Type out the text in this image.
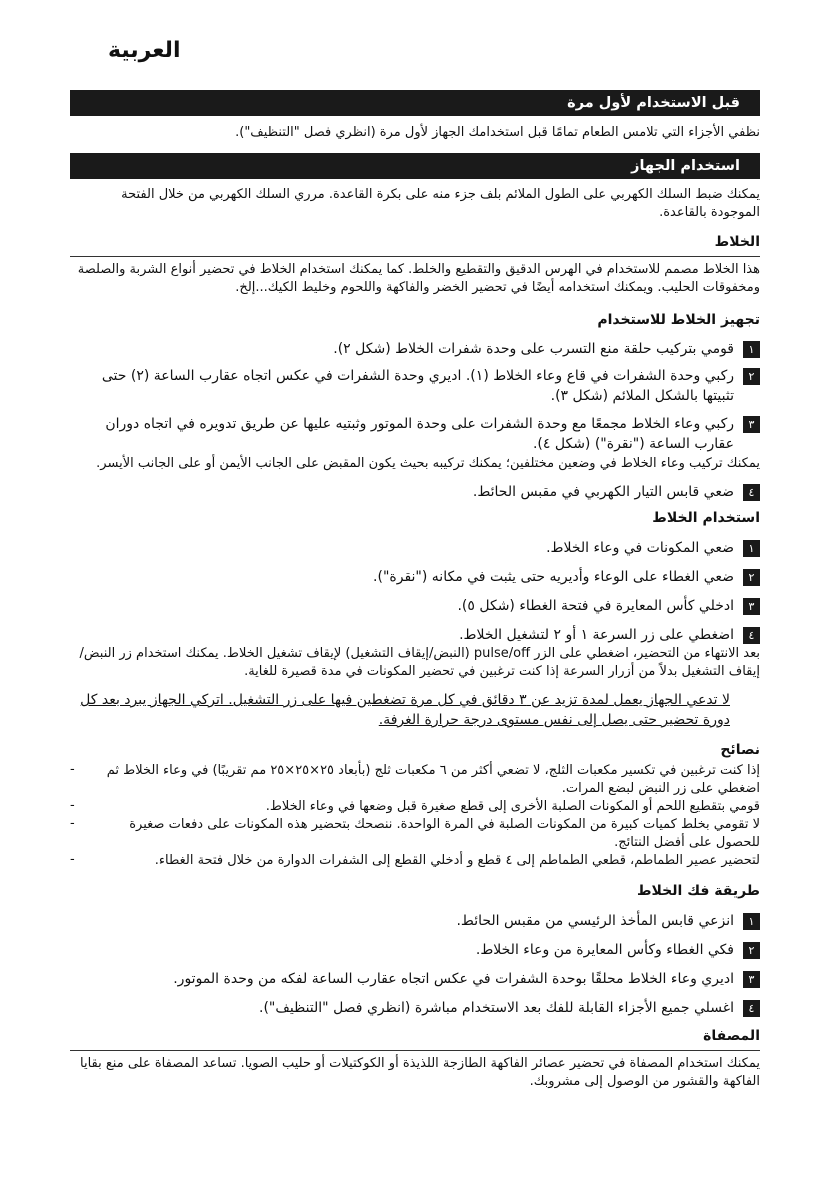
العربية
قبل الاستخدام لأول مرة

نظفي الأجزاء التي تلامس الطعام تمامًا قبل استخدامك الجهاز لأول مرة (انظري فصل "التنظيف").

استخدام الجهاز

يمكنك ضبط السلك الكهربي على الطول الملائم بلف جزء منه على بكرة القاعدة. مرري السلك الكهربي من خلال الفتحة الموجودة بالقاعدة.

الخلاط

هذا الخلاط مصمم للاستخدام في الهرس الدقيق والتقطيع والخلط. كما يمكنك استخدام الخلاط في تحضير أنواع الشربة والصلصة ومخفوقات الحليب. ويمكنك استخدامه أيضًا في تحضير الخضر والفاكهة واللحوم وخليط الكيك...إلخ.

تجهيز الخلاط للاستخدام
١
قومي بتركيب حلقة منع التسرب على وحدة شفرات الخلاط (شكل ٢).
٢
ركبي وحدة الشفرات في قاع وعاء الخلاط (١). اديري وحدة الشفرات في عكس اتجاه عقارب الساعة (٢) حتى تثبيتها بالشكل الملائم (شكل ٣).
٣
ركبي وعاء الخلاط مجمعًا مع وحدة الشفرات على وحدة الموتور وثبتيه عليها عن طريق تدويره في اتجاه دوران عقارب الساعة ("نقرة") (شكل ٤).

يمكنك تركيب وعاء الخلاط في وضعين مختلفين؛ يمكنك تركيبه بحيث يكون المقبض على الجانب الأيمن أو على الجانب الأيسر.

٤
ضعي قابس التيار الكهربي في مقبس الحائط.
استخدام الخلاط
١
ضعي المكونات في وعاء الخلاط.
٢
ضعي الغطاء على الوعاء وأديريه حتى يثبت في مكانه ("نقرة").
٣
ادخلي كأس المعايرة في فتحة الغطاء (شكل ٥).
٤
اضغطي على زر السرعة ١ أو ٢ لتشغيل الخلاط.

بعد الانتهاء من التحضير، اضغطي على الزر pulse/off (النبض/إيقاف التشغيل) لإيقاف تشغيل الخلاط. يمكنك استخدام زر النبض/إيقاف التشغيل بدلاً من أزرار السرعة إذا كنت ترغبين في تحضير المكونات في مدة قصيرة للغاية.

لا تدعي الجهاز يعمل لمدة تزيد عن ٣ دقائق في كل مرة تضغطين فيها على زر التشغيل. اتركي الجهاز يبرد بعد كل دورة تحضير حتى يصل إلى نفس مستوى درجة حرارة الغرفة.

نصائح
إذا كنت ترغبين في تكسير مكعبات الثلج، لا تضعي أكثر من ٦ مكعبات ثلج (بأبعاد ٢٥×٢٥×٢٥ مم تقريبًا) في وعاء الخلاط ثم اضغطي على زر النبض لبضع المرات.
-
قومي بتقطيع اللحم أو المكونات الصلبة الأخرى إلى قطع صغيرة قبل وضعها في وعاء الخلاط.
-
لا تقومي بخلط كميات كبيرة من المكونات الصلبة في المرة الواحدة. ننصحك بتحضير هذه المكونات على دفعات صغيرة للحصول على أفضل النتائج.
-
لتحضير عصير الطماطم، قطعي الطماطم إلى ٤ قطع و أدخلي القطع إلى الشفرات الدوارة من خلال فتحة الغطاء.
-
طريقة فك الخلاط
١
انزعي قابس المأخذ الرئيسي من مقبس الحائط.
٢
فكي الغطاء وكأس المعايرة من وعاء الخلاط.
٣
اديري وعاء الخلاط محلقًا بوحدة الشفرات في عكس اتجاه عقارب الساعة لفكه من وحدة الموتور.
٤
اغسلي جميع الأجزاء القابلة للفك بعد الاستخدام مباشرة (انظري فصل "التنظيف").
المصفاة

يمكنك استخدام المصفاة في تحضير عصائر الفاكهة الطازجة اللذيذة أو الكوكتيلات أو حليب الصويا. تساعد المصفاة على منع بقايا الفاكهة والقشور من الوصول إلى مشروبك.
